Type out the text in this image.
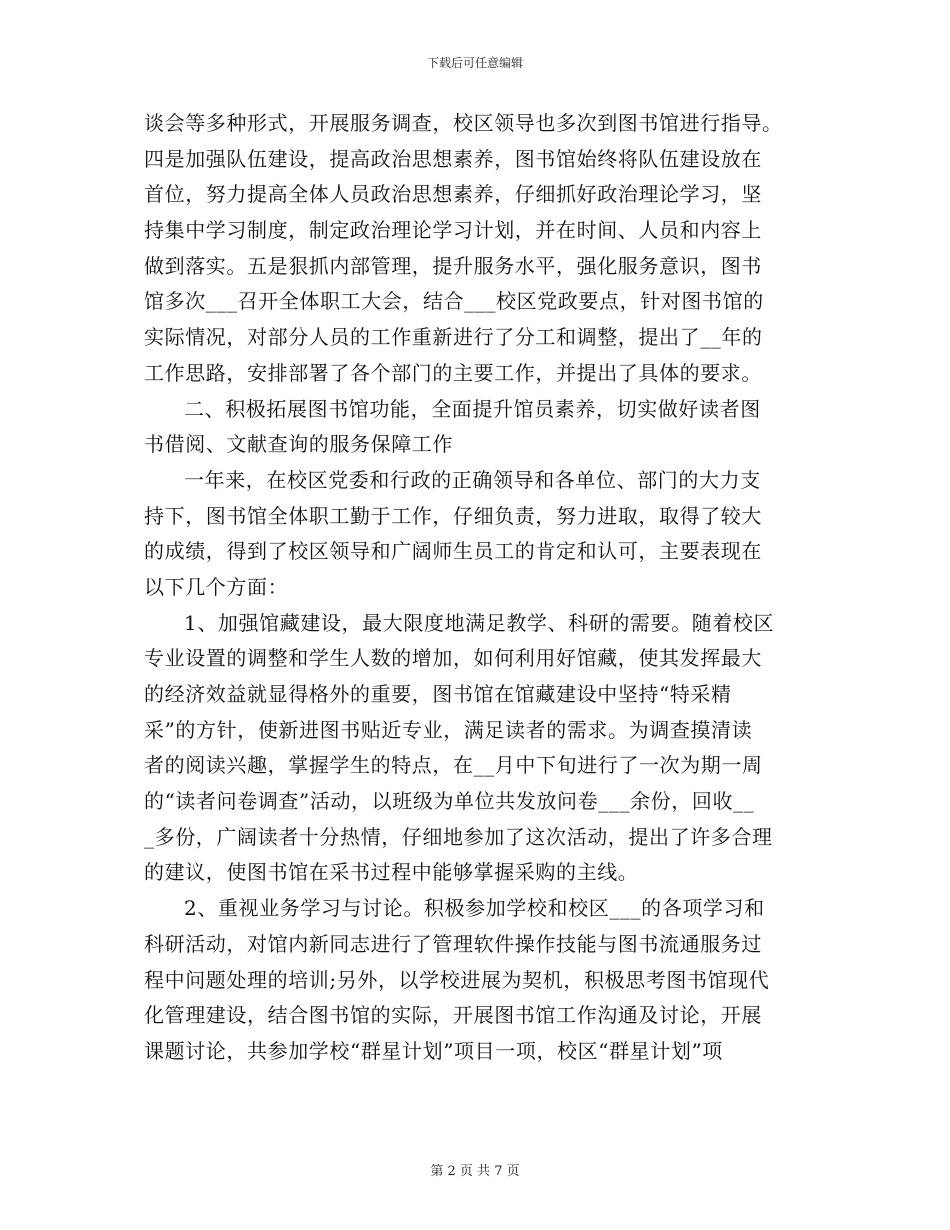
下载后可任意编辑
谈会等多种形式，开展服务调查，校区领导也多次到图书馆进行指导。
四是加强队伍建设，提高政治思想素养，图书馆始终将队伍建设放在
首位，努力提高全体人员政治思想素养，仔细抓好政治理论学习，坚
持集中学习制度，制定政治理论学习计划，并在时间、人员和内容上
做到落实。五是狠抓内部管理，提升服务水平，强化服务意识，图书
馆多次___召开全体职工大会，结合___校区党政要点，针对图书馆的
实际情况，对部分人员的工作重新进行了分工和调整，提出了__年的
工作思路，安排部署了各个部门的主要工作，并提出了具体的要求。
二、积极拓展图书馆功能，全面提升馆员素养，切实做好读者图
书借阅、文献查询的服务保障工作
一年来，在校区党委和行政的正确领导和各单位、部门的大力支
持下，图书馆全体职工勤于工作，仔细负责，努力进取，取得了较大
的成绩，得到了校区领导和广阔师生员工的肯定和认可，主要表现在
以下几个方面：
1、加强馆藏建设，最大限度地满足教学、科研的需要。随着校区
专业设置的调整和学生人数的增加，如何利用好馆藏，使其发挥最大
的经济效益就显得格外的重要，图书馆在馆藏建设中坚持“特采精
采”的方针，使新进图书贴近专业，满足读者的需求。为调查摸清读
者的阅读兴趣，掌握学生的特点，在__月中下旬进行了一次为期一周
的“读者问卷调查”活动，以班级为单位共发放问卷___余份，回收__
_多份，广阔读者十分热情，仔细地参加了这次活动，提出了许多合理
的建议，使图书馆在采书过程中能够掌握采购的主线。
2、重视业务学习与讨论。积极参加学校和校区___的各项学习和
科研活动，对馆内新同志进行了管理软件操作技能与图书流通服务过
程中问题处理的培训;另外，以学校进展为契机，积极思考图书馆现代
化管理建设，结合图书馆的实际，开展图书馆工作沟通及讨论，开展
课题讨论，共参加学校“群星计划”项目一项，校区“群星计划”项
第 2 页 共 7 页
